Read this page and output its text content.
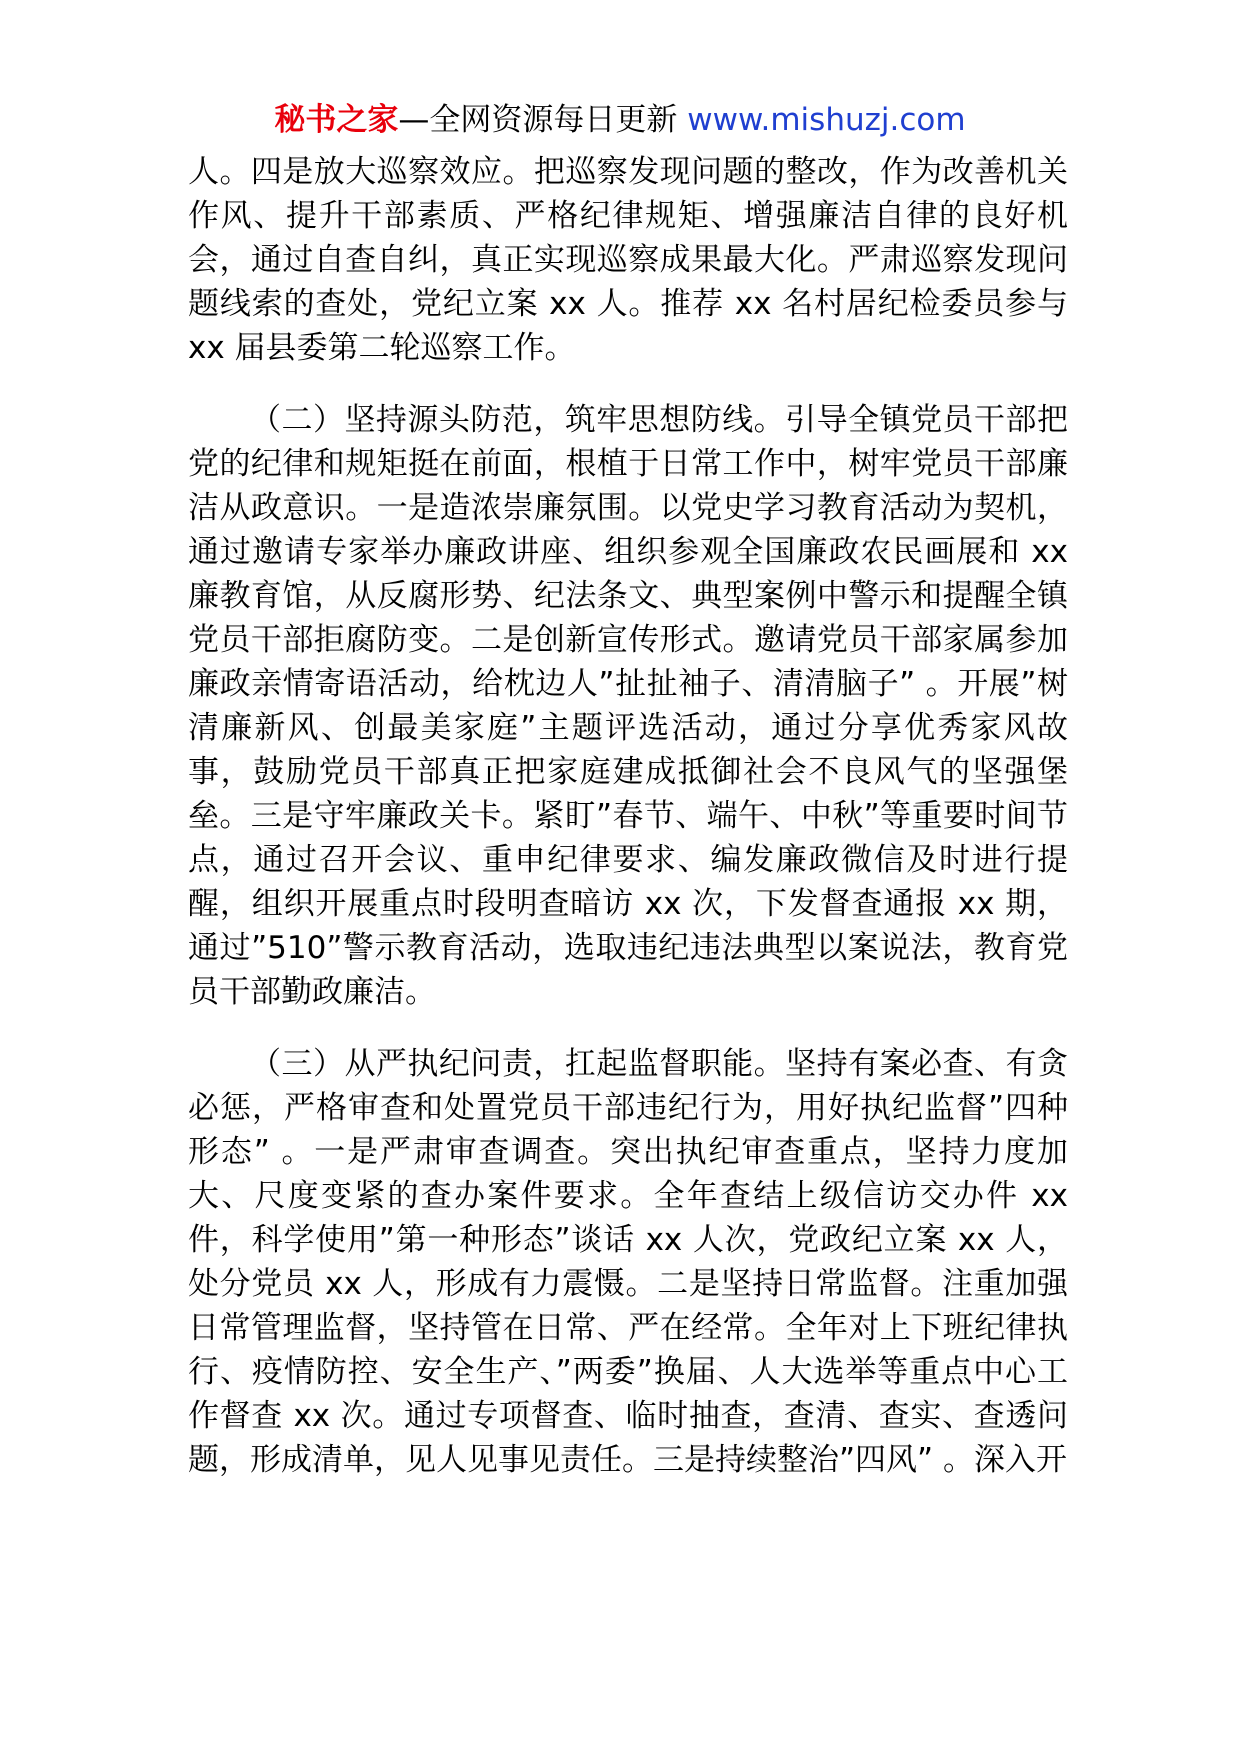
秘书之家—全网资源每日更新 www.mishuzj.com

人。四是放大巡察效应。把巡察发现问题的整改，作为改善机关作风、提升干部素质、严格纪律规矩、增强廉洁自律的良好机会，通过自查自纠，真正实现巡察成果最大化。严肃巡察发现问题线索的查处，党纪立案 xx 人。推荐 xx 名村居纪检委员参与 xx 届县委第二轮巡察工作。

（二）坚持源头防范，筑牢思想防线。引导全镇党员干部把党的纪律和规矩挺在前面，根植于日常工作中，树牢党员干部廉洁从政意识。一是造浓崇廉氛围。以党史学习教育活动为契机，通过邀请专家举办廉政讲座、组织参观全国廉政农民画展和 xx 廉教育馆，从反腐形势、纪法条文、典型案例中警示和提醒全镇党员干部拒腐防变。二是创新宣传形式。邀请党员干部家属参加廉政亲情寄语活动，给枕边人”扯扯袖子、清清脑子” 。开展”树清廉新风、创最美家庭”主题评选活动，通过分享优秀家风故事，鼓励党员干部真正把家庭建成抵御社会不良风气的坚强堡垒。三是守牢廉政关卡。紧盯”春节、端午、中秋”等重要时间节点，通过召开会议、重申纪律要求、编发廉政微信及时进行提醒，组织开展重点时段明查暗访 xx 次，下发督查通报 xx 期，通过”510”警示教育活动，选取违纪违法典型以案说法，教育党员干部勤政廉洁。

（三）从严执纪问责，扛起监督职能。坚持有案必查、有贪必惩，严格审查和处置党员干部违纪行为，用好执纪监督”四种形态” 。一是严肃审查调查。突出执纪审查重点，坚持力度加大、尺度变紧的查办案件要求。全年查结上级信访交办件 xx 件，科学使用”第一种形态”谈话 xx 人次，党政纪立案 xx 人，处分党员 xx 人，形成有力震慑。二是坚持日常监督。注重加强日常管理监督，坚持管在日常、严在经常。全年对上下班纪律执行、疫情防控、安全生产、”两委”换届、人大选举等重点中心工作督查 xx 次。通过专项督查、临时抽查，查清、查实、查透问题，形成清单，见人见事见责任。三是持续整治”四风” 。深入开
